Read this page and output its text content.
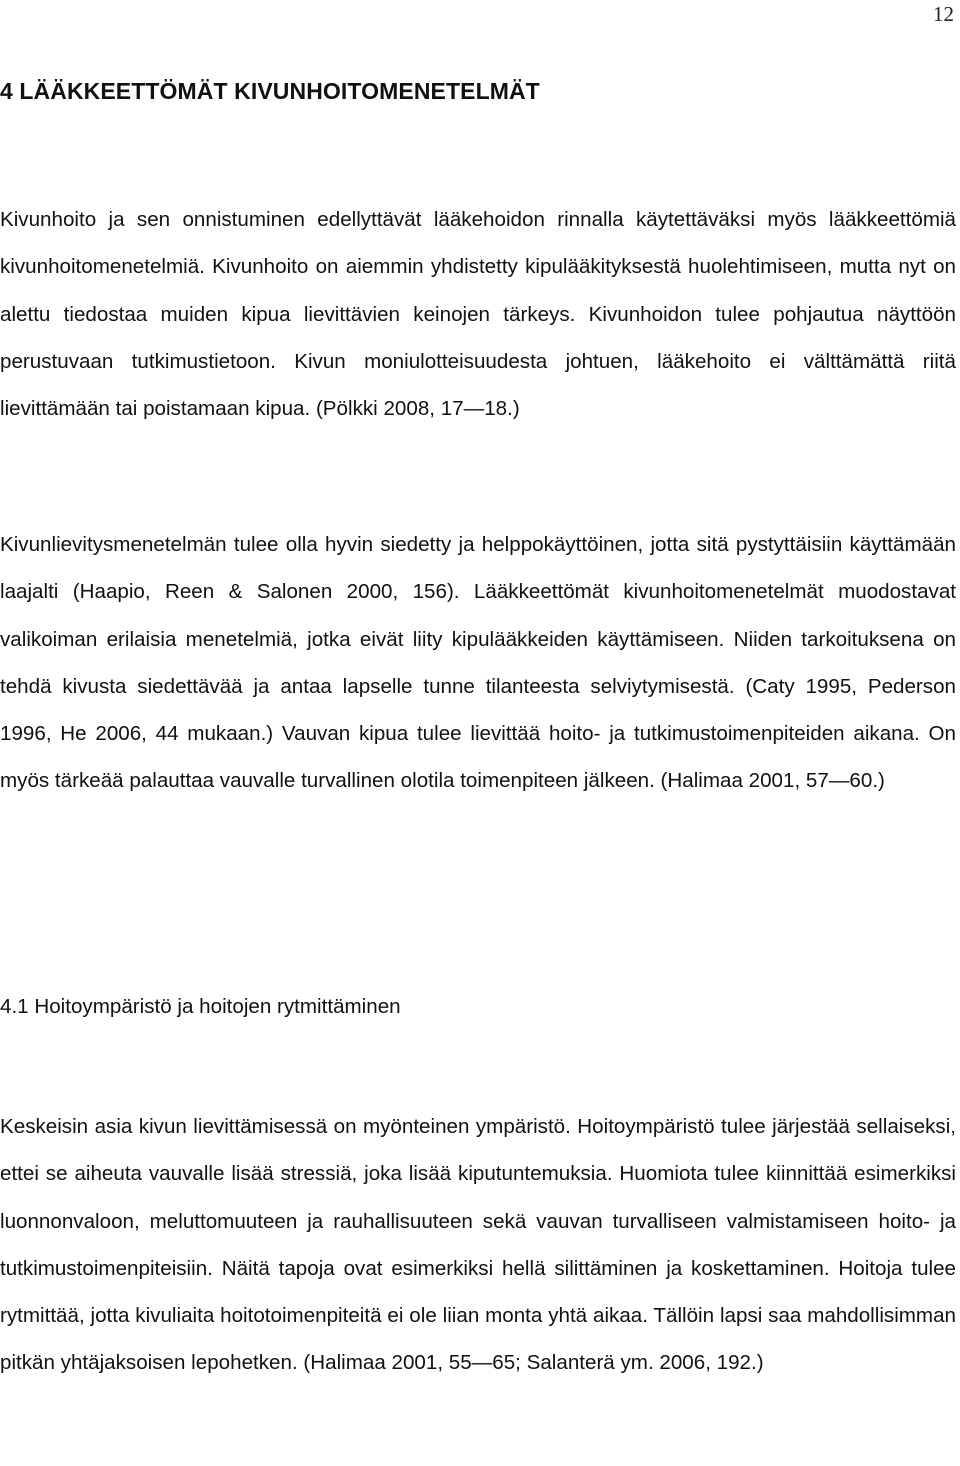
12
4 LÄÄKKEETTÖMÄT KIVUNHOITOMENETELMÄT

Kivunhoito ja sen onnistuminen edellyttävät lääkehoidon rinnalla käytettäväksi myös lääkkeettömiä kivunhoitomenetelmiä. Kivunhoito on aiemmin yhdistetty kipulääkityksestä huolehtimiseen, mutta nyt on alettu tiedostaa muiden kipua lievittävien keinojen tärkeys. Kivunhoidon tulee pohjautua näyttöön perustuvaan tutkimustietoon. Kivun moniulotteisuudesta johtuen, lääkehoito ei välttämättä riitä lievittämään tai poistamaan kipua. (Pölkki 2008, 17—18.)

Kivunlievitysmenetelmän tulee olla hyvin siedetty ja helppokäyttöinen, jotta sitä pystyttäisiin käyttämään laajalti (Haapio, Reen & Salonen 2000, 156). Lääkkeettömät kivunhoitomenetelmät muodostavat valikoiman erilaisia menetelmiä, jotka eivät liity kipulääkkeiden käyttämiseen. Niiden tarkoituksena on tehdä kivusta siedettävää ja antaa lapselle tunne tilanteesta selviytymisestä. (Caty 1995, Pederson 1996, He 2006, 44 mukaan.) Vauvan kipua tulee lievittää hoito- ja tutkimustoimenpiteiden aikana. On myös tärkeää palauttaa vauvalle turvallinen olotila toimenpiteen jälkeen. (Halimaa 2001, 57—60.)

4.1 Hoitoympäristö ja hoitojen rytmittäminen

Keskeisin asia kivun lievittämisessä on myönteinen ympäristö. Hoitoympäristö tulee järjestää sellaiseksi, ettei se aiheuta vauvalle lisää stressiä, joka lisää kiputuntemuksia. Huomiota tulee kiinnittää esimerkiksi luonnonvaloon, meluttomuuteen ja rauhallisuuteen sekä vauvan turvalliseen valmistamiseen hoito- ja tutkimustoimenpiteisiin. Näitä tapoja ovat esimerkiksi hellä silittäminen ja koskettaminen. Hoitoja tulee rytmittää, jotta kivuliaita hoitotoimenpiteitä ei ole liian monta yhtä aikaa. Tällöin lapsi saa mahdollisimman pitkän yhtäjaksoisen lepohetken. (Halimaa 2001, 55—65; Salanterä ym. 2006, 192.)
